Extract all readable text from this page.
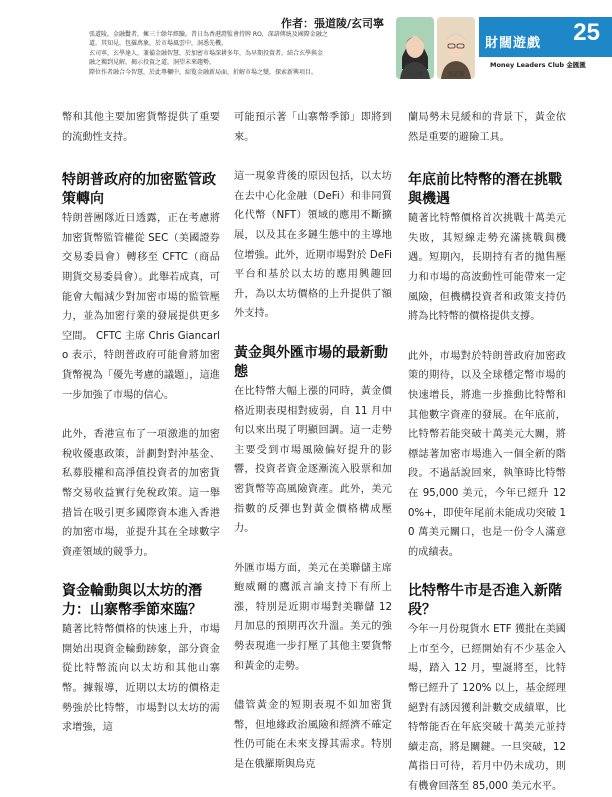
作者：張道陵/玄司寧

張道陵，金融鬢者，擁三十餘年經驗。昔日為香港證監會持牌 RO，深諳傳統及國際金融之

道，其知見，包羅萬象，於市場風雲中，洞悉先機。

玄司寧，玄學達人，兼備金融智慧，於加密市場深耕多年，為早期投資者。結合玄學與金

融之獨到見解，揭示投資之道，洞望未來趨勢。

際位作者融合今智慧，於此專欄中，綜覧金融新局面，折解市場之變，探索新興項目。	玄司寧	張道陵
財闊遊戲 25
Money Leaders Club 金匯匯

幣和其他主要加密貨幣提供了重要的流動性支持。

特朗普政府的加密監管政策轉向

特朗普團隊近日透露，正在考慮將加密貨幣監管權從 SEC（美國證券交易委員會）轉移至 CFTC（商品期貨交易委員會）。此舉若成真，可能會大幅減少對加密市場的監管壓力，並為加密行業的發展提供更多空間。 CFTC 主席 Chris Giancarlo 表示，特朗普政府可能會將加密貨幣視為「優先考慮的議題」，這進一步加強了市場的信心。

此外，香港宣布了一項激進的加密稅收優惠政策，計劃對對沖基金、私募股權和高淨值投資者的加密貨幣交易收益實行免稅政策。這一舉措旨在吸引更多國際資本進入香港的加密市場，並提升其在全球數字資產領域的競爭力。

資金輪動與以太坊的潛力：山寨幣季節來臨？

隨著比特幣價格的快速上升，市場開始出現資金輪動跡象，部分資金從比特幣流向以太坊和其他山寨幣。據報導，近期以太坊的價格走勢強於比特幣，市場對以太坊的需求增強，這

可能預示著「山寨幣季節」即將到來。

這一現象背後的原因包括，以太坊在去中心化金融（DeFi）和非同質化代幣（NFT）領域的應用不斷擴展，以及其在多鏈生態中的主導地位增強。此外，近期市場對於 DeFi 平台和基於以太坊的應用興趣回升，為以太坊價格的上升提供了額外支持。

黃金與外匯市場的最新動態

在比特幣大幅上漲的同時，黃金價格近期表現相對疲弱，自 11 月中旬以來出現了明顯回調。這一走勢主要受到市場風險偏好提升的影響，投資者資金逐漸流入股票和加密貨幣等高風險資產。此外，美元指數的反彈也對黃金價格構成壓力。

外匯市場方面，美元在美聯儲主席鮑威爾的鷹派言論支持下有所上漲，特別是近期市場對美聯儲 12 月加息的預期再次升溫。美元的強勢表現進一步打壓了其他主要貨幣和黃金的走勢。

儘管黃金的短期表現不如加密貨幣，但地緣政治風險和經濟不確定性仍可能在未來支撐其需求。特別是在俄羅斯與烏克

蘭局勢未見緩和的背景下，黃金依然是重要的避險工具。

年底前比特幣的潛在挑戰與機遇

隨著比特幣價格首次挑戰十萬美元失敗，其短線走勢充滿挑戰與機遇。短期內，長期持有者的拋售壓力和市場的高波動性可能帶來一定風險，但機構投資者和政策支持仍將為比特幣的價格提供支撐。

此外，市場對於特朗普政府加密政策的期待，以及全球穩定幣市場的快速增長，將進一步推動比特幣和其他數字資產的發展。在年底前，比特幣若能突破十萬美元大關，將標誌著加密市場進入一個全新的階段。不過話說回來，執筆時比特幣在 95,000 美元，今年已經升 120%+，即使年尾前未能成功突破 10 萬美元關口，也是一份令人滿意的成績表。

比特幣牛市是否進入新階段？

今年一月份現貨水 ETF 獲批在美國上市至今，已經開始有不少基金入場，踏入 12 月，聖誕將至，比特幣已經升了 120% 以上，基金經理絕對有誘因獲利計數交成績單，比特幣能否在年底突破十萬美元並持續走高，將是關鍵。一旦突破，12 萬指日可待，若月中仍未成功，則有機會回落至 85,000 美元水平。
